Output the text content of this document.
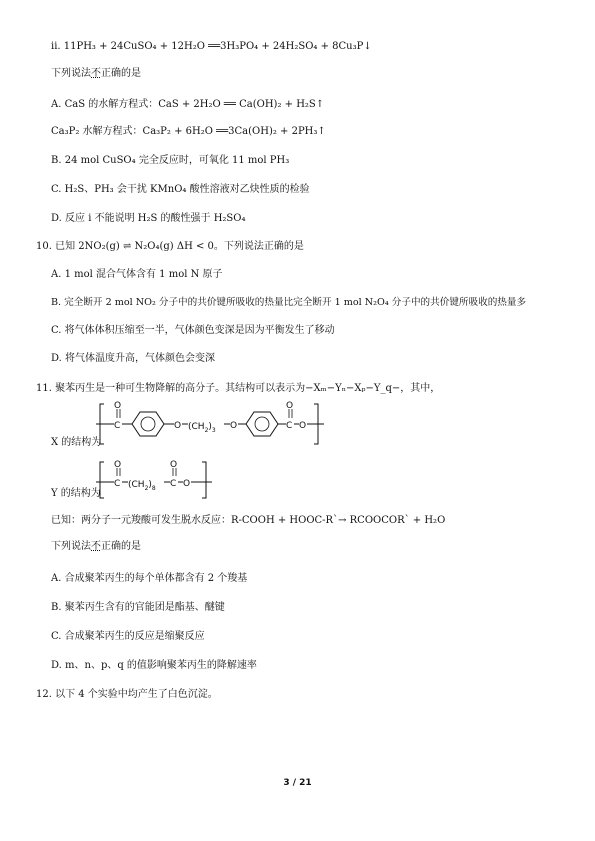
ii. 11PH₃ + 24CuSO₄ + 12H₂O ══3H₃PO₄ + 24H₂SO₄ + 8Cu₃P↓
下列说法不正确的是
A. CaS 的水解方程式：CaS + 2H₂O ══ Ca(OH)₂ + H₂S↑
Ca₃P₂ 水解方程式：Ca₃P₂ + 6H₂O ══3Ca(OH)₂ + 2PH₃↑
B. 24 mol CuSO₄ 完全反应时，可氧化 11 mol PH₃
C. H₂S、PH₃ 会干扰 KMnO₄ 酸性溶液对乙炔性质的检验
D. 反应 i 不能说明 H₂S 的酸性强于 H₂SO₄
10. 已知 2NO₂(g) ⇌ N₂O₄(g) ΔH < 0。下列说法正确的是
A. 1 mol 混合气体含有 1 mol N 原子
B. 完全断开 2 mol NO₂ 分子中的共价键所吸收的热量比完全断开 1 mol N₂O₄ 分子中的共价键所吸收的热量多
C. 将气体体积压缩至一半，气体颜色变深是因为平衡发生了移动
D. 将气体温度升高，气体颜色会变深
11. 聚苯丙生是一种可生物降解的高分子。其结构可以表示为−Xₘ−Yₙ−Xₚ−Y_q−，其中，
X 的结构为
C
O
O $(CH_2)_3$ O	C
O
O
Y 的结构为
C
O
$(CH_2)_8$ C
O
O
已知：两分子一元羧酸可发生脱水反应：R-COOH + HOOC-R`→ RCOOCOR` + H₂O
下列说法不正确的是
A. 合成聚苯丙生的每个单体都含有 2 个羧基
B. 聚苯丙生含有的官能团是酯基、醚键
C. 合成聚苯丙生的反应是缩聚反应
D. m、n、p、q 的值影响聚苯丙生的降解速率
12. 以下 4 个实验中均产生了白色沉淀。
3 / 21
